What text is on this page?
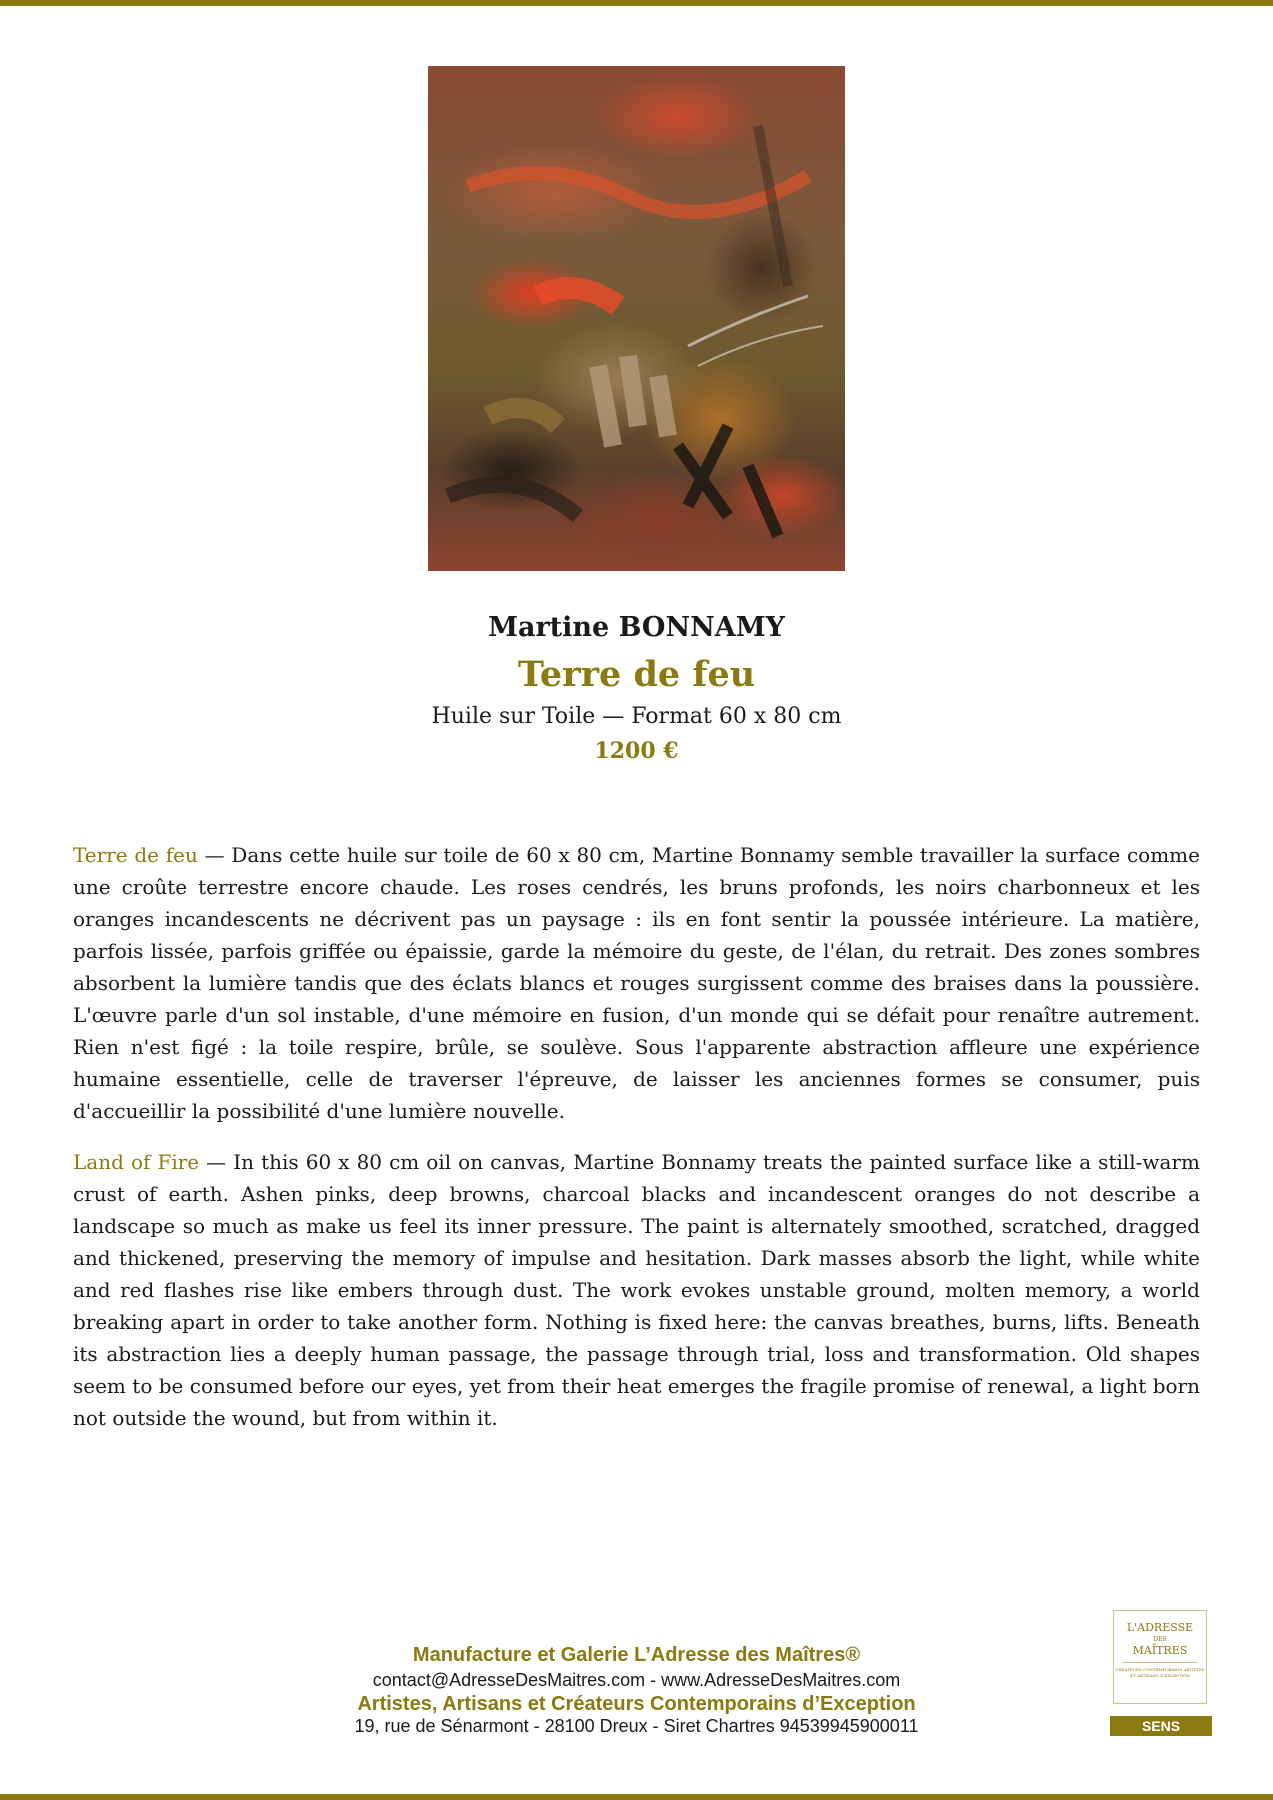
Martine BONNAMY
Terre de feu
Huile sur Toile — Format 60 x 80 cm
1200 €

Terre de feu — Dans cette huile sur toile de 60 x 80 cm, Martine Bonnamy semble travailler la surface comme une croûte terrestre encore chaude. Les roses cendrés, les bruns profonds, les noirs charbonneux et les oranges incandescents ne décrivent pas un paysage : ils en font sentir la poussée intérieure. La matière, parfois lissée, parfois griffée ou épaissie, garde la mémoire du geste, de l'élan, du retrait. Des zones sombres absorbent la lumière tandis que des éclats blancs et rouges surgissent comme des braises dans la poussière. L'œuvre parle d'un sol instable, d'une mémoire en fusion, d'un monde qui se défait pour renaître autrement. Rien n'est figé : la toile respire, brûle, se soulève. Sous l'apparente abstraction affleure une expérience humaine essentielle, celle de traverser l'épreuve, de laisser les anciennes formes se consumer, puis d'accueillir la possibilité d'une lumière nouvelle.

Land of Fire — In this 60 x 80 cm oil on canvas, Martine Bonnamy treats the painted surface like a still-warm crust of earth. Ashen pinks, deep browns, charcoal blacks and incandescent oranges do not describe a landscape so much as make us feel its inner pressure. The paint is alternately smoothed, scratched, dragged and thickened, preserving the memory of impulse and hesitation. Dark masses absorb the light, while white and red flashes rise like embers through dust. The work evokes unstable ground, molten memory, a world breaking apart in order to take another form. Nothing is fixed here: the canvas breathes, burns, lifts. Beneath its abstraction lies a deeply human passage, the passage through trial, loss and transformation. Old shapes seem to be consumed before our eyes, yet from their heat emerges the fragile promise of renewal, a light born not outside the wound, but from within it.

Manufacture et Galerie L’Adresse des Maîtres®
contact@AdresseDesMaitres.com - www.AdresseDesMaitres.com
Artistes, Artisans et Créateurs Contemporains d’Exception
19, rue de Sénarmont - 28100 Dreux - Siret Chartres 94539945900011
L'ADRESSE
DES
MAÎTRES
CRÉATEURS CONTEMPORAINS ARTISTES ET ARTISANS D'EXCEPTION
SENS
